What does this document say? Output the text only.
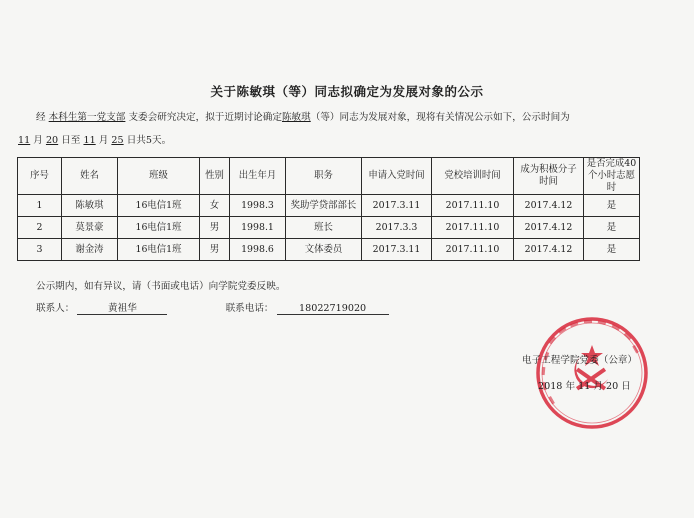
关于陈敏琪（等）同志拟确定为发展对象的公示
经 本科生第一党支部 支委会研究决定，拟于近期讨论确定陈敏琪（等）同志为发展对象，现将有关情况公示如下，公示时间为
11 月 20 日至 11 月 25 日共5天。
序号	姓名	班级	性别	出生年月	职务	申请入党时间	党校培训时间	成为积极分子时间	是否完成40个小时志愿时
1	陈敏琪	16电信1班	女	1998.3	奖助学贷部部长	2017.3.11	2017.11.10	2017.4.12	是
2	莫景豪	16电信1班	男	1998.1	班长	2017.3.3	2017.11.10	2017.4.12	是
3	谢金涛	16电信1班	男	1998.6	文体委员	2017.3.11	2017.11.10	2017.4.12	是
公示期内，如有异议，请（书面或电话）向学院党委反映。
联系人：	黄祖华	联系电话：	18022719020
电子工程学院党委（公章）
2018 年 11 月 20 日
